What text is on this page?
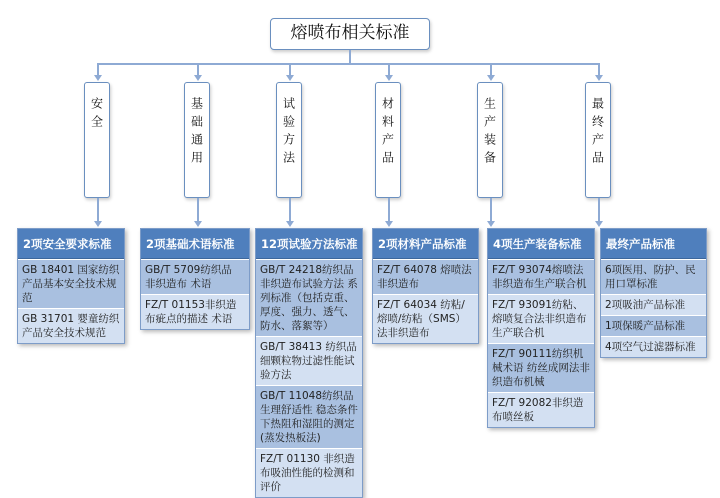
熔喷布相关标准
安全
2项安全要求标准
GB 18401 国家纺织产品基本安全技术规范
GB 31701 婴童纺织产品安全技术规范
基础通用
2项基础术语标准
GB/T 5709纺织品 非织造布 术语
FZ/T 01153非织造布疵点的描述 术语
试验方法
12项试验方法标准
GB/T 24218纺织品 非织造布试验方法 系列标准（包括克重、厚度、强力、透气、防水、落絮等）
GB/T 38413 纺织品 细颗粒物过滤性能试验方法
GB/T 11048纺织品 生理舒适性 稳态条件下热阻和湿阻的测定(蒸发热板法)
FZ/T 01130 非织造布吸油性能的检测和评价
材料产品
2项材料产品标准
FZ/T 64078 熔喷法非织造布
FZ/T 64034 纺粘/熔喷/纺粘（SMS）法非织造布
生产装备
4项生产装备标准
FZ/T 93074熔喷法非织造布生产联合机
FZ/T 93091纺粘、熔喷复合法非织造布生产联合机
FZ/T 90111纺织机械术语 纺丝成网法非织造布机械
FZ/T 92082非织造布喷丝板
最终产品
最终产品标准
6项医用、防护、民用口罩标准
2项吸油产品标准
1项保暖产品标准
4项空气过滤器标准
